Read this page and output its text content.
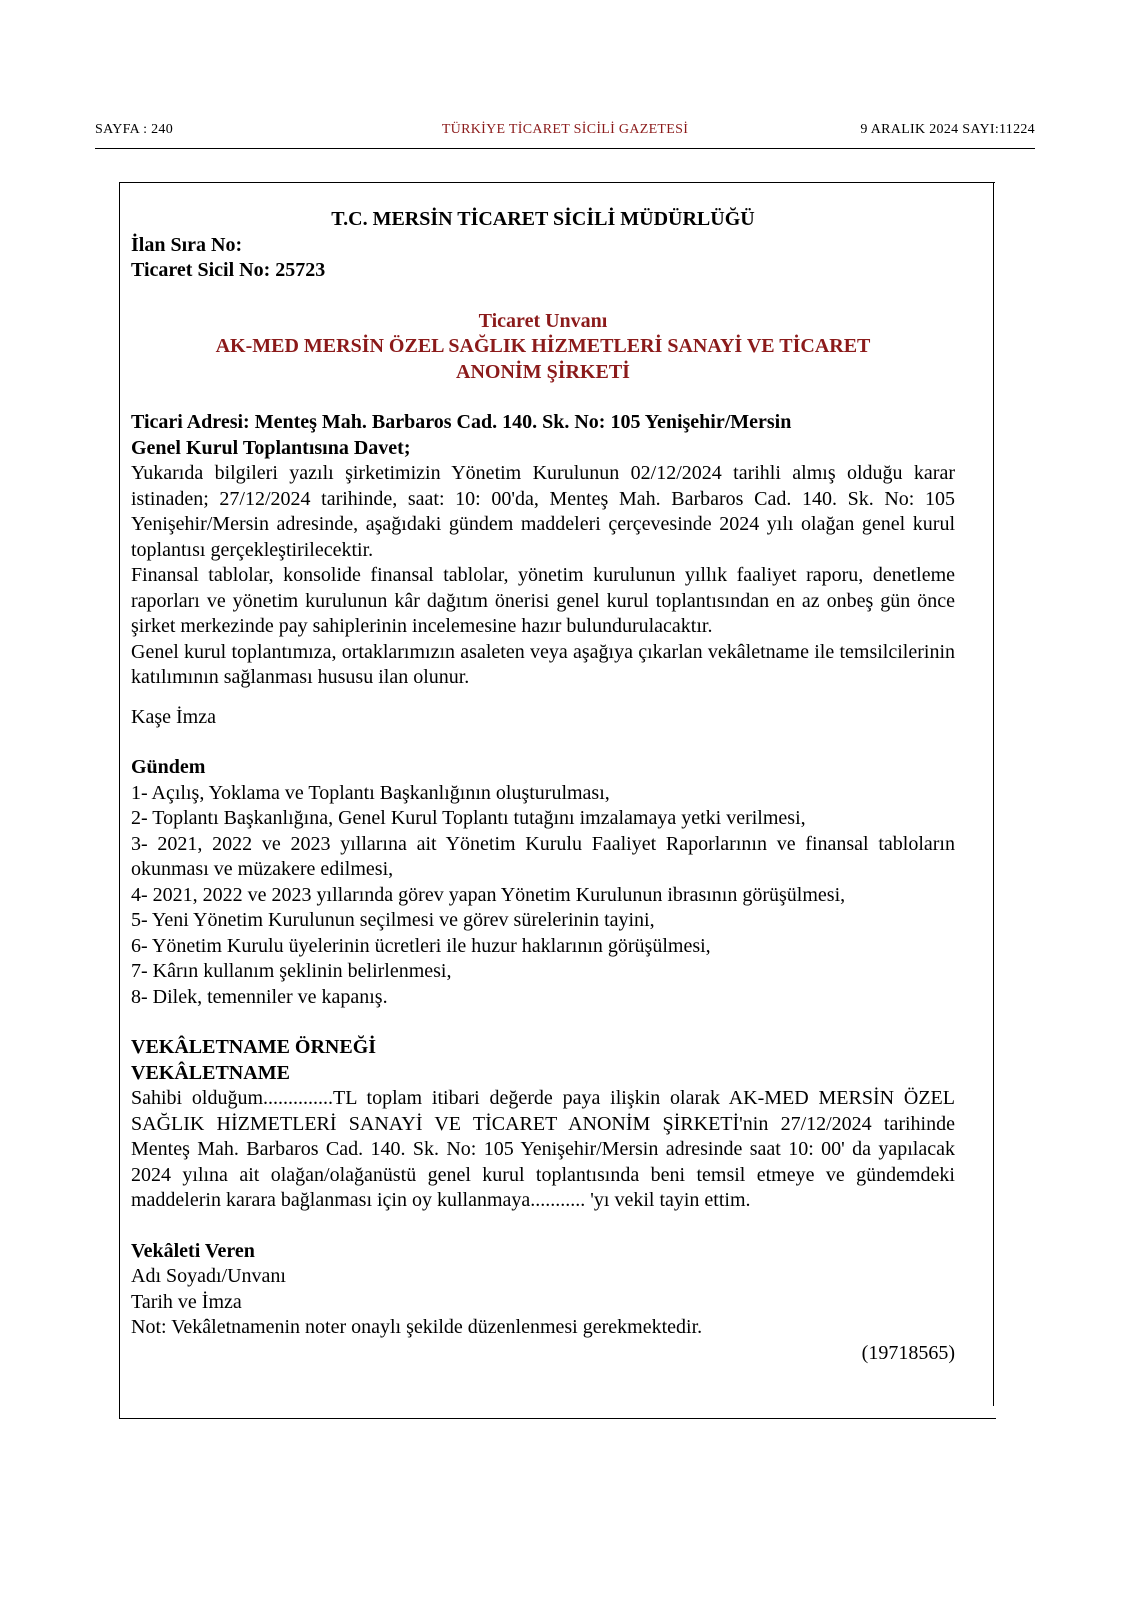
SAYFA : 240	TÜRKİYE TİCARET SİCİLİ GAZETESİ	9 ARALIK 2024 SAYI:11224

T.C. MERSİN TİCARET SİCİLİ MÜDÜRLÜĞÜ

İlan Sıra No:

Ticaret Sicil No: 25723

Ticaret Unvanı

AK-MED MERSİN ÖZEL SAĞLIK HİZMETLERİ SANAYİ VE TİCARET

ANONİM ŞİRKETİ

Ticari Adresi: Menteş Mah. Barbaros Cad. 140. Sk. No: 105 Yenişehir/Mersin

Genel Kurul Toplantısına Davet;

Yukarıda bilgileri yazılı şirketimizin Yönetim Kurulunun 02/12/2024 tarihli almış olduğu karar istinaden; 27/12/2024 tarihinde, saat: 10: 00'da, Menteş Mah. Barbaros Cad. 140. Sk. No: 105 Yenişehir/Mersin adresinde, aşağıdaki gündem maddeleri çerçevesinde 2024 yılı olağan genel kurul toplantısı gerçekleştirilecektir.

Finansal tablolar, konsolide finansal tablolar, yönetim kurulunun yıllık faaliyet raporu, denetleme raporları ve yönetim kurulunun kâr dağıtım önerisi genel kurul toplantısından en az onbeş gün önce şirket merkezinde pay sahiplerinin incelemesine hazır bulundurulacaktır.

Genel kurul toplantımıza, ortaklarımızın asaleten veya aşağıya çıkarlan vekâletname ile temsilcilerinin katılımının sağlanması hususu ilan olunur.

Kaşe İmza

Gündem

1- Açılış, Yoklama ve Toplantı Başkanlığının oluşturulması,

2- Toplantı Başkanlığına, Genel Kurul Toplantı tutağını imzalamaya yetki verilmesi,

3- 2021, 2022 ve 2023 yıllarına ait Yönetim Kurulu Faaliyet Raporlarının ve finansal tabloların okunması ve müzakere edilmesi,

4- 2021, 2022 ve 2023 yıllarında görev yapan Yönetim Kurulunun ibrasının görüşülmesi,

5- Yeni Yönetim Kurulunun seçilmesi ve görev sürelerinin tayini,

6- Yönetim Kurulu üyelerinin ücretleri ile huzur haklarının görüşülmesi,

7- Kârın kullanım şeklinin belirlenmesi,

8- Dilek, temenniler ve kapanış.

VEKÂLETNAME ÖRNEĞİ

VEKÂLETNAME

Sahibi olduğum..............TL toplam itibari değerde paya ilişkin olarak AK-MED MERSİN ÖZEL SAĞLIK HİZMETLERİ SANAYİ VE TİCARET ANONİM ŞİRKETİ'nin 27/12/2024 tarihinde Menteş Mah. Barbaros Cad. 140. Sk. No: 105 Yenişehir/Mersin adresinde saat 10: 00' da yapılacak 2024 yılına ait olağan/olağanüstü genel kurul toplantısında beni temsil etmeye ve gündemdeki maddelerin karara bağlanması için oy kullanmaya........... 'yı vekil tayin ettim.

Vekâleti Veren

Adı Soyadı/Unvanı

Tarih ve İmza

Not: Vekâletnamenin noter onaylı şekilde düzenlenmesi gerekmektedir.

(19718565)
